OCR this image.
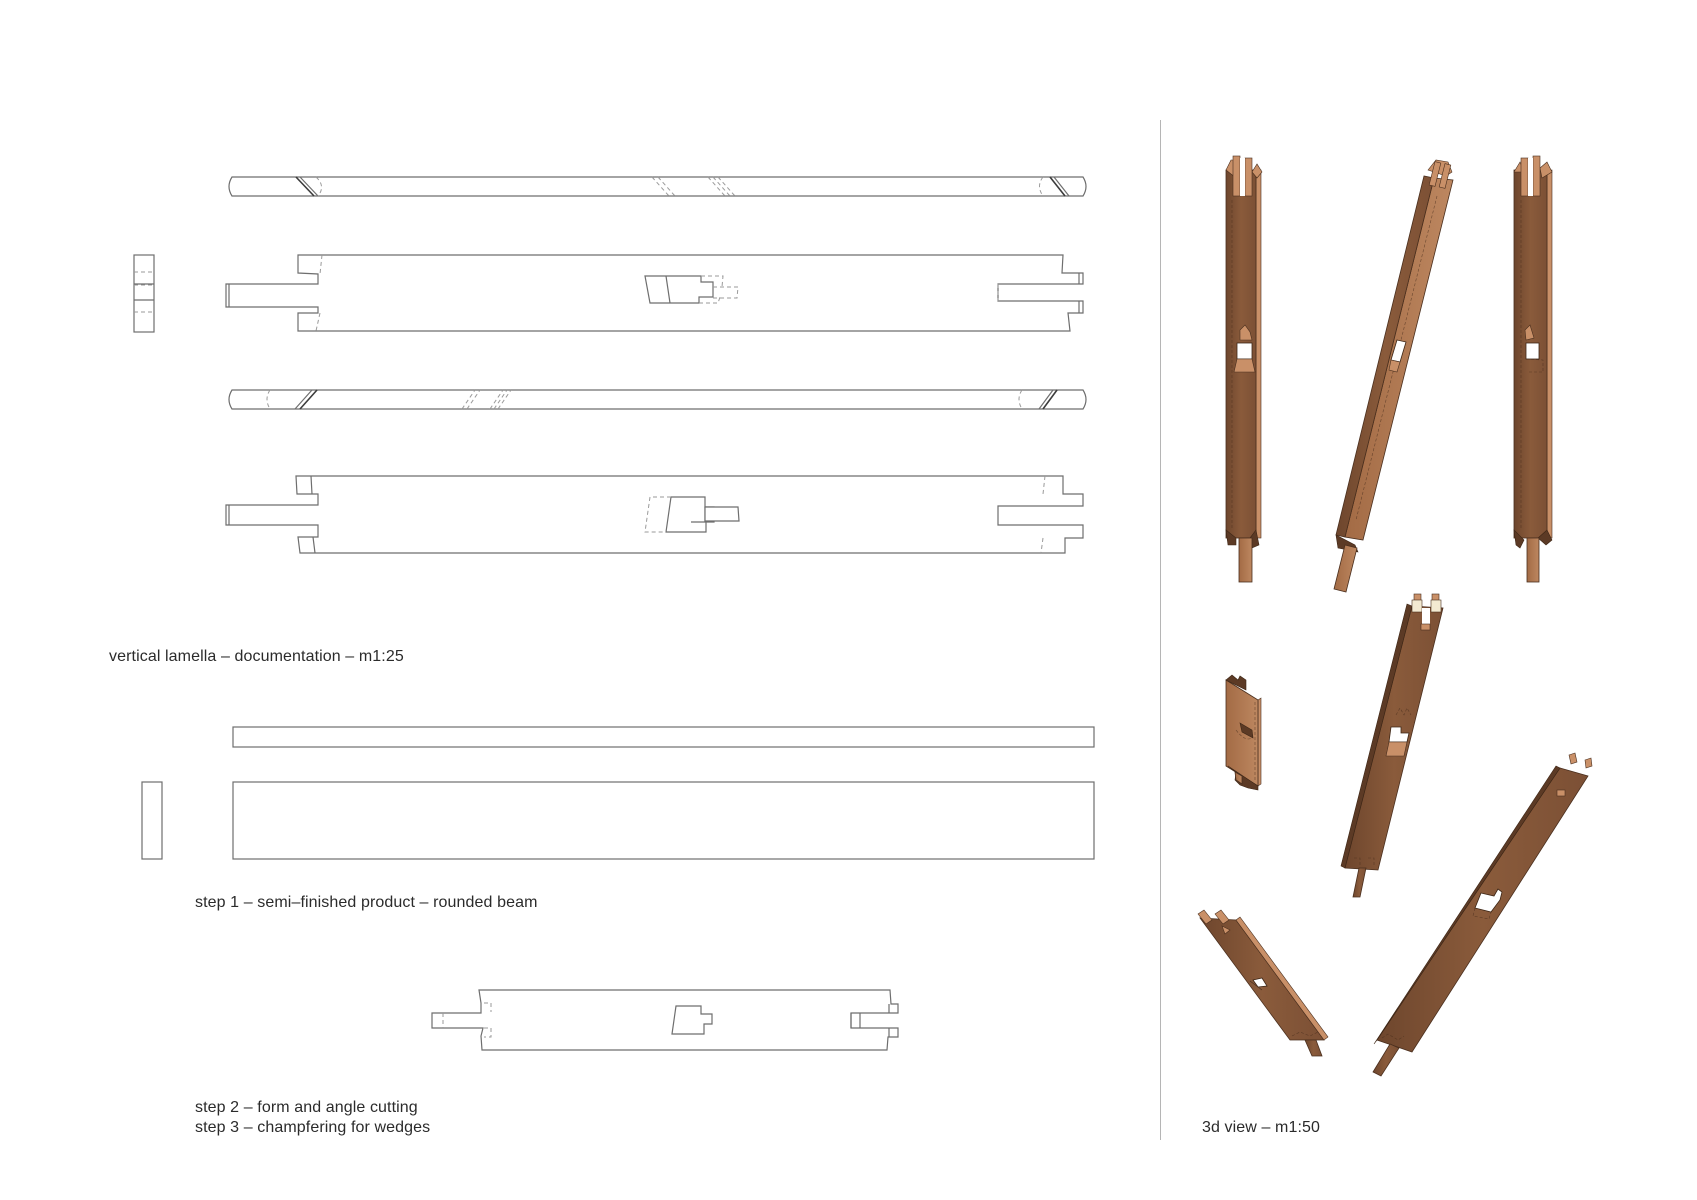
vertical lamella – documentation – m1:25
step 1 – semi–finished product – rounded beam
step 2 – form and angle cutting
step 3 – champfering for wedges	3d view – m1:50
